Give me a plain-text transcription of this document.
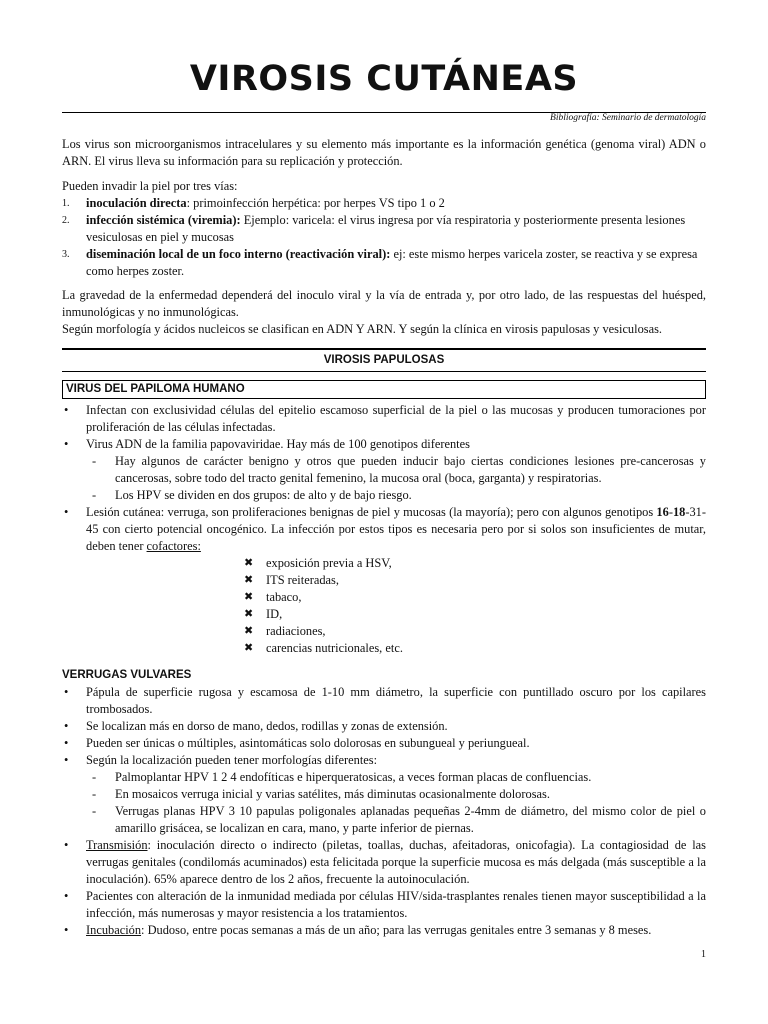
VIROSIS CUTÁNEAS
Bibliografía: Seminario de dermatología

Los virus son microorganismos intracelulares y su elemento más importante es la información genética (genoma viral) ADN o ARN. El virus lleva su información para su replicación y protección.

Pueden invadir la piel por tres vías:

1. inoculación directa: primoinfección herpética: por herpes VS tipo 1 o 2
2. infección sistémica (viremia): Ejemplo: varicela: el virus ingresa por vía respiratoria y posteriormente presenta lesiones vesiculosas en piel y mucosas
3. diseminación local de un foco interno (reactivación viral): ej: este mismo herpes varicela zoster, se reactiva y se expresa como herpes zoster.

La gravedad de la enfermedad dependerá del inoculo viral y la vía de entrada y, por otro lado, de las respuestas del huésped, inmunológicas y no inmunológicas.

Según morfología y ácidos nucleicos se clasifican en ADN Y ARN. Y según la clínica en virosis papulosas y vesiculosas.

VIROSIS PAPULOSAS
VIRUS DEL PAPILOMA HUMANO
• Infectan con exclusividad células del epitelio escamoso superficial de la piel o las mucosas y producen tumoraciones por proliferación de las células infectadas.
• Virus ADN de la familia papovaviridae. Hay más de 100 genotipos diferentes
- Hay algunos de carácter benigno y otros que pueden inducir bajo ciertas condiciones lesiones pre-cancerosas y cancerosas, sobre todo del tracto genital femenino, la mucosa oral (boca, garganta) y respiratorias.
- Los HPV se dividen en dos grupos: de alto y de bajo riesgo.
• Lesión cutánea: verruga, son proliferaciones benignas de piel y mucosas (la mayoría); pero con algunos genotipos 16-18-31-45 con cierto potencial oncogénico. La infección por estos tipos es necesaria pero por si solos son insuficientes de mutar, deben tener cofactores:
✖ exposición previa a HSV,
✖ ITS reiteradas,
✖ tabaco,
✖ ID,
✖ radiaciones,
✖ carencias nutricionales, etc.
VERRUGAS VULVARES
• Pápula de superficie rugosa y escamosa de 1-10 mm diámetro, la superficie con puntillado oscuro por los capilares trombosados.
• Se localizan más en dorso de mano, dedos, rodillas y zonas de extensión.
• Pueden ser únicas o múltiples, asintomáticas solo dolorosas en subungueal y periungueal.
• Según la localización pueden tener morfologías diferentes:
- Palmoplantar HPV 1 2 4 endofíticas e hiperqueratosicas, a veces forman placas de confluencias.
- En mosaicos verruga inicial y varias satélites, más diminutas ocasionalmente dolorosas.
- Verrugas planas HPV 3 10 papulas poligonales aplanadas pequeñas 2-4mm de diámetro, del mismo color de piel o amarillo grisácea, se localizan en cara, mano, y parte inferior de piernas.
• Transmisión: inoculación directo o indirecto (piletas, toallas, duchas, afeitadoras, onicofagia). La contagiosidad de las verrugas genitales (condilomás acuminados) esta felicitada porque la superficie mucosa es más delgada (más susceptible a la inoculación). 65% aparece dentro de los 2 años, frecuente la autoinoculación.
• Pacientes con alteración de la inmunidad mediada por células HIV/sida-trasplantes renales tienen mayor susceptibilidad a la infección, más numerosas y mayor resistencia a los tratamientos.
• Incubación: Dudoso, entre pocas semanas a más de un año; para las verrugas genitales entre 3 semanas y 8 meses.
1
